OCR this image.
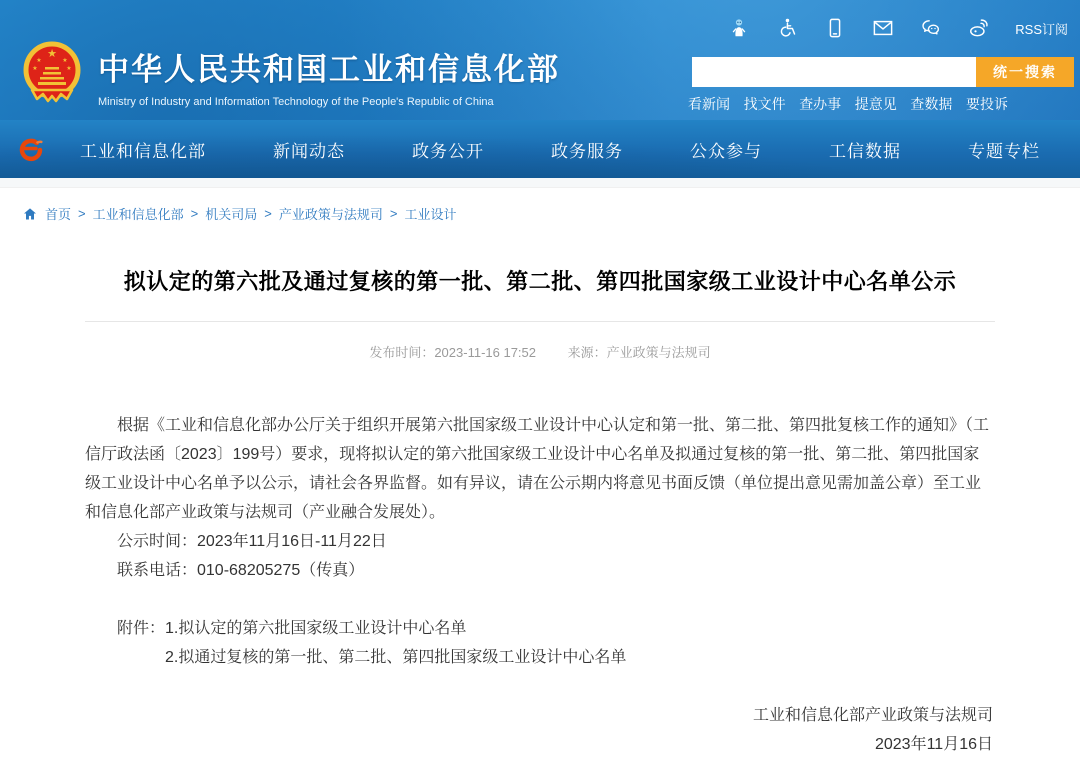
RSS订阅
★
★	★
★	★ 中华人民共和国工业和信息化部
Ministry of Industry and Information Technology of the People's Republic of China
统一搜索
看新闻 找文件 查办事 提意见 查数据 要投诉
工业和信息化部	新闻动态	政务公开	政务服务	公众参与	工信数据	专题专栏
首页 > 工业和信息化部 > 机关司局 > 产业政策与法规司 > 工业设计
拟认定的第六批及通过复核的第一批、第二批、第四批国家级工业设计中心名单公示
发布时间：2023-11-16 17:52 来源：产业政策与法规司

根据《工业和信息化部办公厅关于组织开展第六批国家级工业设计中心认定和第一批、第二批、第四批复核工作的通知》（工信厅政法函〔2023〕199号）要求，现将拟认定的第六批国家级工业设计中心名单及拟通过复核的第一批、第二批、第四批国家级工业设计中心名单予以公示，请社会各界监督。如有异议，请在公示期内将意见书面反馈（单位提出意见需加盖公章）至工业和信息化部产业政策与法规司（产业融合发展处）。

公示时间：2023年11月16日-11月22日

联系电话：010-68205275（传真）

附件： 1.拟认定的第六批国家级工业设计中心名单
2.拟通过复核的第一批、第二批、第四批国家级工业设计中心名单
工业和信息化部产业政策与法规司
2023年11月16日
